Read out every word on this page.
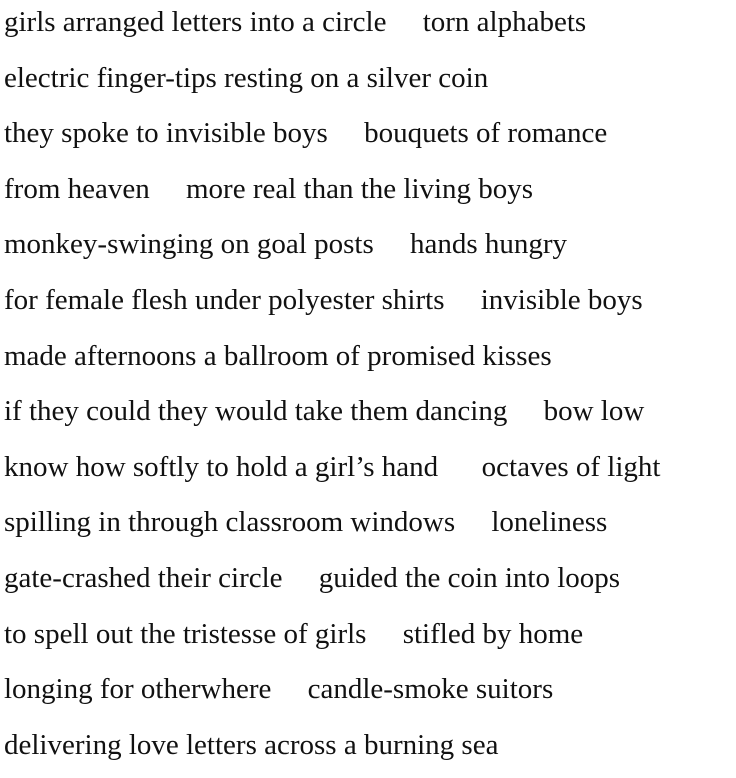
girls arranged letters into a circle     torn alphabets
electric finger-tips resting on a silver coin
they spoke to invisible boys     bouquets of romance
from heaven     more real than the living boys
monkey-swinging on goal posts     hands hungry
for female flesh under polyester shirts     invisible boys
made afternoons a ballroom of promised kisses
if they could they would take them dancing     bow low
know how softly to hold a girl’s hand      octaves of light
spilling in through classroom windows     loneliness
gate-crashed their circle     guided the coin into loops
to spell out the tristesse of girls     stifled by home
longing for otherwhere     candle-smoke suitors
delivering love letters across a burning sea
